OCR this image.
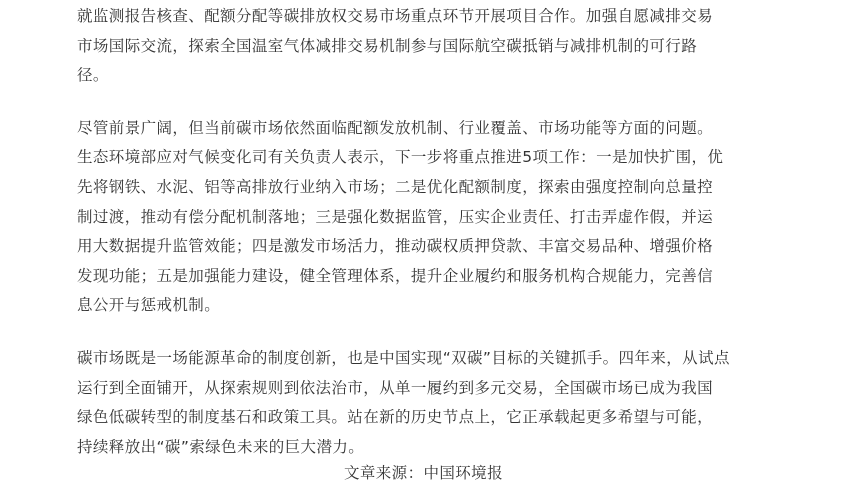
就监测报告核查、配额分配等碳排放权交易市场重点环节开展项目合作。加强自愿减排交易
市场国际交流，探索全国温室气体减排交易机制参与国际航空碳抵销与减排机制的可行路
径。

尽管前景广阔，但当前碳市场依然面临配额发放机制、行业覆盖、市场功能等方面的问题。
生态环境部应对气候变化司有关负责人表示，下一步将重点推进5项工作：一是加快扩围，优
先将钢铁、水泥、铝等高排放行业纳入市场；二是优化配额制度，探索由强度控制向总量控
制过渡，推动有偿分配机制落地；三是强化数据监管，压实企业责任、打击弄虚作假，并运
用大数据提升监管效能；四是激发市场活力，推动碳权质押贷款、丰富交易品种、增强价格
发现功能；五是加强能力建设，健全管理体系，提升企业履约和服务机构合规能力，完善信
息公开与惩戒机制。

碳市场既是一场能源革命的制度创新，也是中国实现“双碳”目标的关键抓手。四年来，从试点
运行到全面铺开，从探索规则到依法治市，从单一履约到多元交易，全国碳市场已成为我国
绿色低碳转型的制度基石和政策工具。站在新的历史节点上，它正承载起更多希望与可能，
持续释放出“碳”索绿色未来的巨大潜力。

文章来源：中国环境报
